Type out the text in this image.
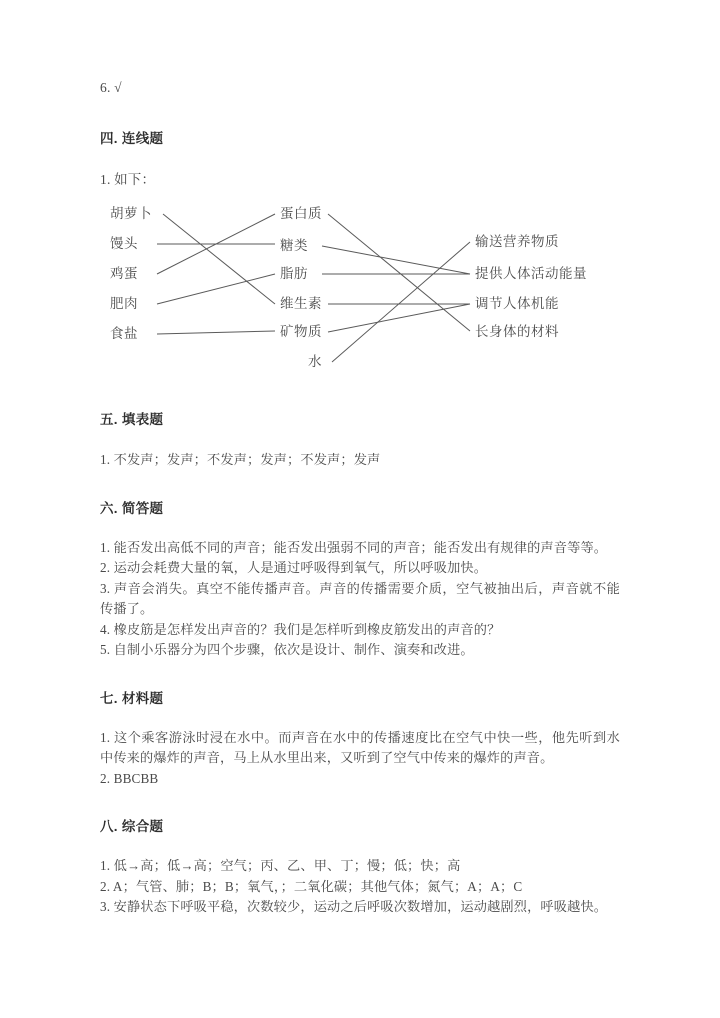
6. √
四. 连线题
1. 如下：
胡萝卜
馒头
鸡蛋
肥肉
食盐
蛋白质
糖类
脂肪
维生素
矿物质
水
输送营养物质
提供人体活动能量
调节人体机能
长身体的材料
五. 填表题

1. 不发声；发声；不发声；发声；不发声；发声

六. 简答题

1. 能否发出高低不同的声音；能否发出强弱不同的声音；能否发出有规律的声音等等。

2. 运动会耗费大量的氧，人是通过呼吸得到氧气，所以呼吸加快。

3. 声音会消失。真空不能传播声音。声音的传播需要介质，空气被抽出后，声音就不能传播了。

4. 橡皮筋是怎样发出声音的？我们是怎样听到橡皮筋发出的声音的？

5. 自制小乐器分为四个步骤，依次是设计、制作、演奏和改进。

七. 材料题

1. 这个乘客游泳时浸在水中。而声音在水中的传播速度比在空气中快一些，他先听到水中传来的爆炸的声音，马上从水里出来，又听到了空气中传来的爆炸的声音。

2. BBCBB

八. 综合题

1. 低→高；低→高；空气；丙、乙、甲、丁；慢；低；快；高

2. A；气管、肺；B；B；氧气，；二氧化碳；其他气体；氮气；A；A；C

3. 安静状态下呼吸平稳，次数较少，运动之后呼吸次数增加，运动越剧烈，呼吸越快。
